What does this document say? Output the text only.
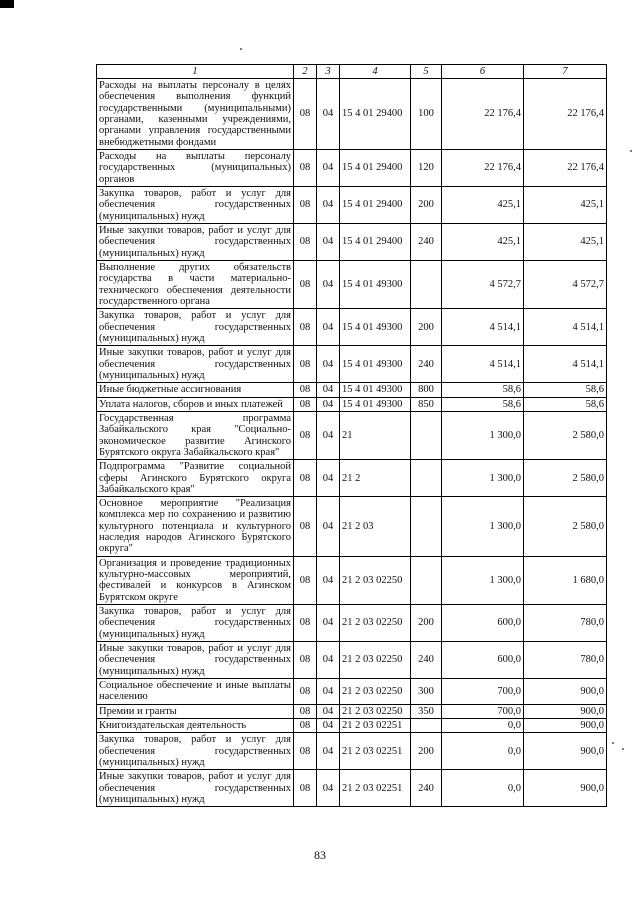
1	2	3	4	5	6	7
Расходы на выплаты персоналу в целях обеспечения выполнения функций государственными (муниципальными) органами, казенными учреждениями, органами управления государственными внебюджетными фондами	08	04	15 4 01 29400	100	22 176,4	22 176,4
Расходы на выплаты персоналу государственных (муниципальных) органов	08	04	15 4 01 29400	120	22 176,4	22 176,4
Закупка товаров, работ и услуг для обеспечения государственных (муниципальных) нужд	08	04	15 4 01 29400	200	425,1	425,1
Иные закупки товаров, работ и услуг для обеспечения государственных (муниципальных) нужд	08	04	15 4 01 29400	240	425,1	425,1
Выполнение других обязательств государства в части материально-технического обеспечения деятельности государственного органа	08	04	15 4 01 49300		4 572,7	4 572,7
Закупка товаров, работ и услуг для обеспечения государственных (муниципальных) нужд	08	04	15 4 01 49300	200	4 514,1	4 514,1
Иные закупки товаров, работ и услуг для обеспечения государственных (муниципальных) нужд	08	04	15 4 01 49300	240	4 514,1	4 514,1
Иные бюджетные ассигнования	08	04	15 4 01 49300	800	58,6	58,6
Уплата налогов, сборов и иных платежей	08	04	15 4 01 49300	850	58,6	58,6
Государственная программа Забайкальского края "Социально-экономическое развитие Агинского Бурятского округа Забайкальского края"	08	04	21		1 300,0	2 580,0
Подпрограмма "Развитие социальной сферы Агинского Бурятского округа Забайкальского края"	08	04	21 2		1 300,0	2 580,0
Основное мероприятие "Реализация комплекса мер по сохранению и развитию культурного потенциала и культурного наследия народов Агинского Бурятского округа"	08	04	21 2 03		1 300,0	2 580,0
Организация и проведение традиционных культурно-массовых мероприятий, фестивалей и конкурсов в Агинском Бурятском округе	08	04	21 2 03 02250		1 300,0	1 680,0
Закупка товаров, работ и услуг для обеспечения государственных (муниципальных) нужд	08	04	21 2 03 02250	200	600,0	780,0
Иные закупки товаров, работ и услуг для обеспечения государственных (муниципальных) нужд	08	04	21 2 03 02250	240	600,0	780,0
Социальное обеспечение и иные выплаты населению	08	04	21 2 03 02250	300	700,0	900,0
Премии и гранты	08	04	21 2 03 02250	350	700,0	900,0
Книгоиздательская деятельность	08	04	21 2 03 02251		0,0	900,0
Закупка товаров, работ и услуг для обеспечения государственных (муниципальных) нужд	08	04	21 2 03 02251	200	0,0	900,0
Иные закупки товаров, работ и услуг для обеспечения государственных (муниципальных) нужд	08	04	21 2 03 02251	240	0,0	900,0
83
